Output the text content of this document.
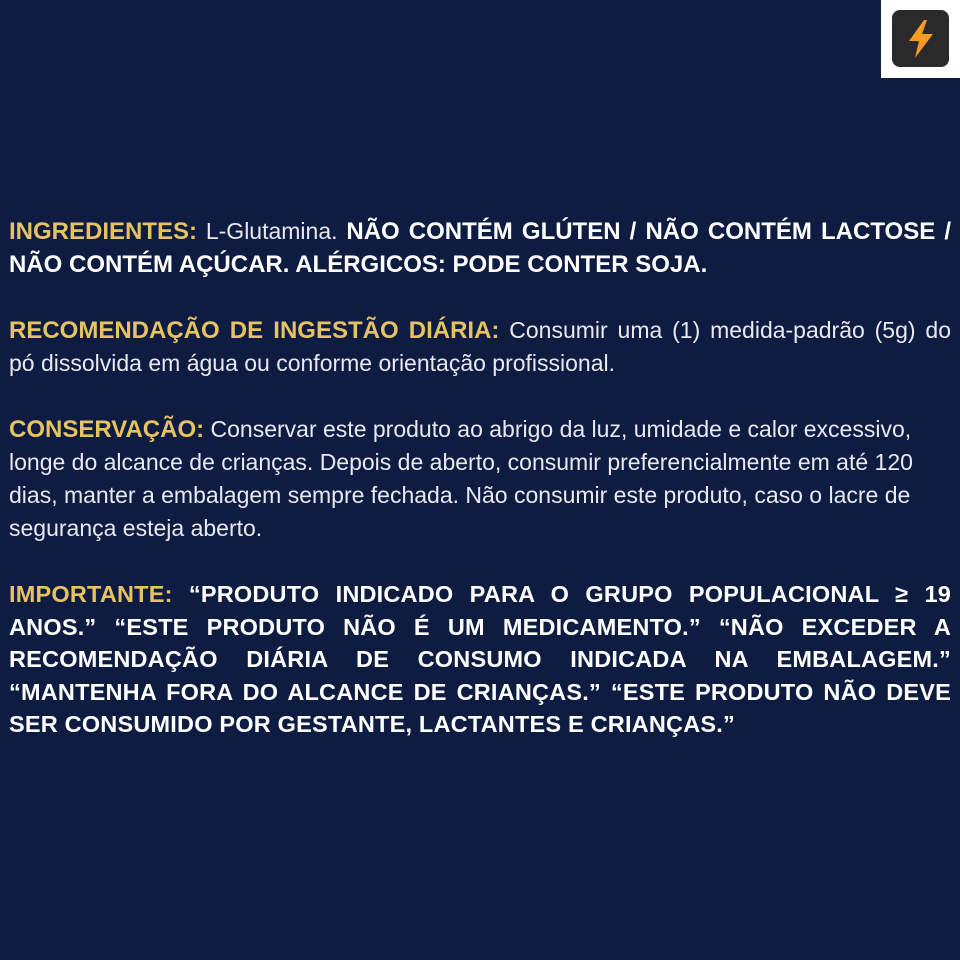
INGREDIENTES: L-Glutamina. NÃO CONTÉM GLÚTEN / NÃO CONTÉM LACTOSE / NÃO CONTÉM AÇÚCAR. ALÉRGICOS: PODE CONTER SOJA.

RECOMENDAÇÃO DE INGESTÃO DIÁRIA: Consumir uma (1) medida-padrão (5g) do pó dissolvida em água ou conforme orientação profissional.

CONSERVAÇÃO: Conservar este produto ao abrigo da luz, umidade e calor excessivo, longe do alcance de crianças. Depois de aberto, consumir preferencialmente em até 120 dias, manter a embalagem sempre fechada. Não consumir este produto, caso o lacre de segurança esteja aberto.

IMPORTANTE: “PRODUTO INDICADO PARA O GRUPO POPULACIONAL ≥ 19 ANOS.” “ESTE PRODUTO NÃO É UM MEDICAMENTO.” “NÃO EXCEDER A RECOMENDAÇÃO DIÁRIA DE CONSUMO INDICADA NA EMBALAGEM.” “MANTENHA FORA DO ALCANCE DE CRIANÇAS.” “ESTE PRODUTO NÃO DEVE SER CONSUMIDO POR GESTANTE, LACTANTES E CRIANÇAS.”
